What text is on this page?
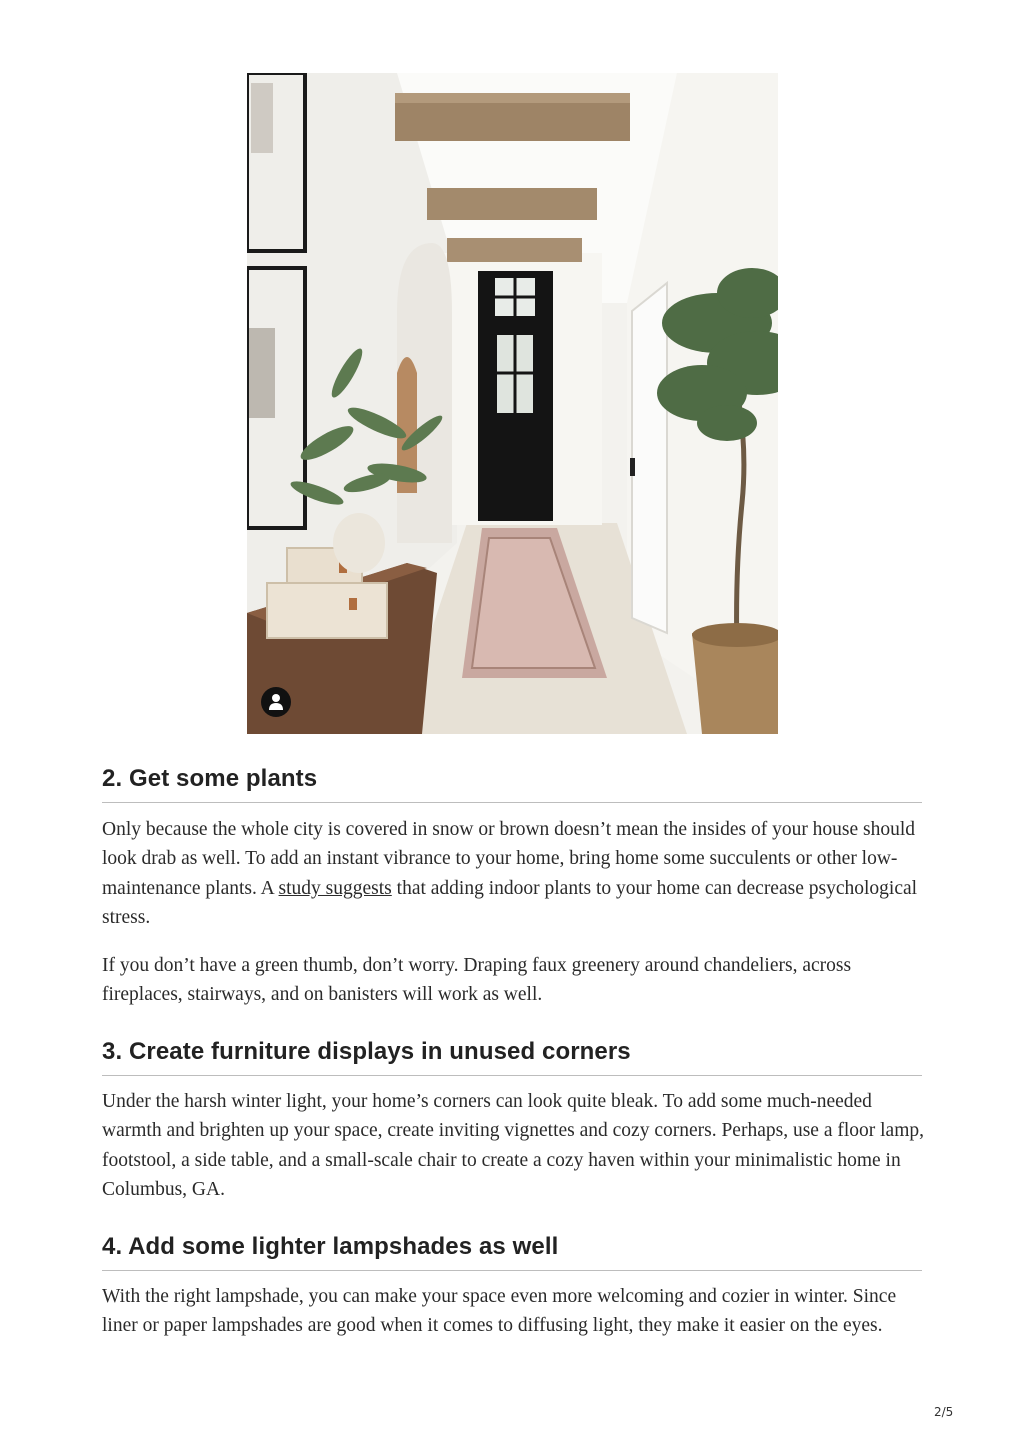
2. Get some plants

Only because the whole city is covered in snow or brown doesn’t mean the insides of your house should look drab as well. To add an instant vibrance to your home, bring home some succulents or other low-maintenance plants. A study suggests that adding indoor plants to your home can decrease psychological stress.

If you don’t have a green thumb, don’t worry. Draping faux greenery around chandeliers, across fireplaces, stairways, and on banisters will work as well.

3. Create furniture displays in unused corners

Under the harsh winter light, your home’s corners can look quite bleak. To add some much-needed warmth and brighten up your space, create inviting vignettes and cozy corners. Perhaps, use a floor lamp, footstool, a side table, and a small-scale chair to create a cozy haven within your minimalistic home in Columbus, GA.

4. Add some lighter lampshades as well

With the right lampshade, you can make your space even more welcoming and cozier in winter. Since liner or paper lampshades are good when it comes to diffusing light, they make it easier on the eyes.

2/5
